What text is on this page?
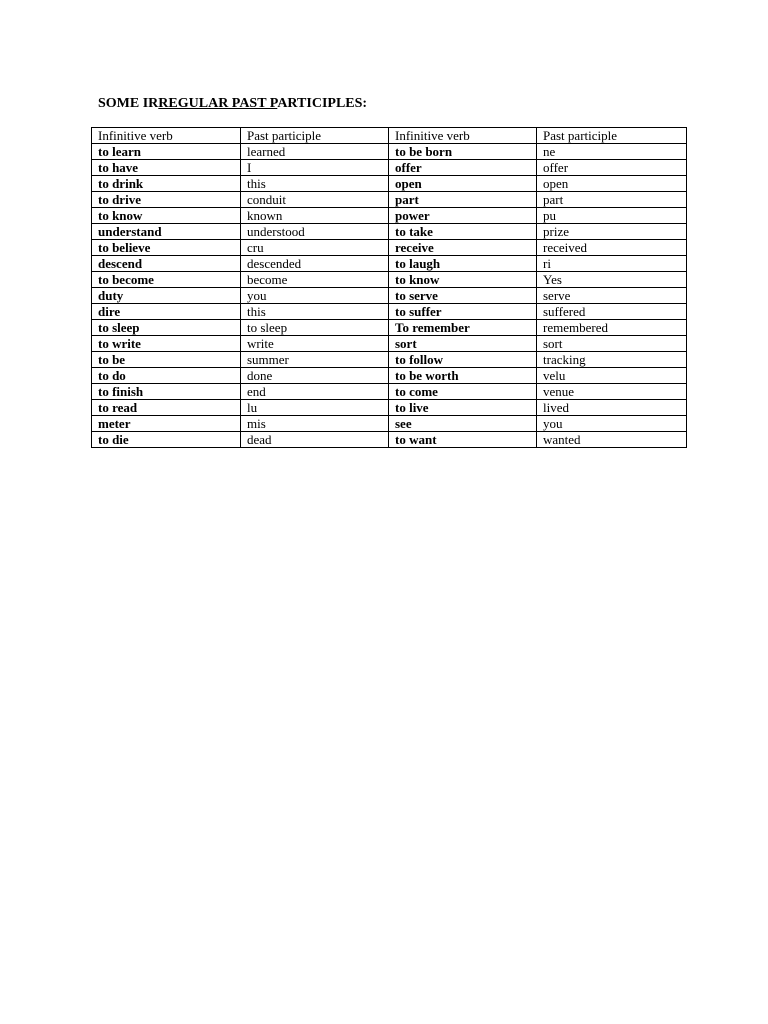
SOME IRREGULAR PAST PARTICIPLES:
Infinitive verb	Past participle	Infinitive verb	Past participle
to learn	learned	to be born	ne
to have	I	offer	offer
to drink	this	open	open
to drive	conduit	part	part
to know	known	power	pu
understand	understood	to take	prize
to believe	cru	receive	received
descend	descended	to laugh	ri
to become	become	to know	Yes
duty	you	to serve	serve
dire	this	to suffer	suffered
to sleep	to sleep	To remember	remembered
to write	write	sort	sort
to be	summer	to follow	tracking
to do	done	to be worth	velu
to finish	end	to come	venue
to read	lu	to live	lived
meter	mis	see	you
to die	dead	to want	wanted
